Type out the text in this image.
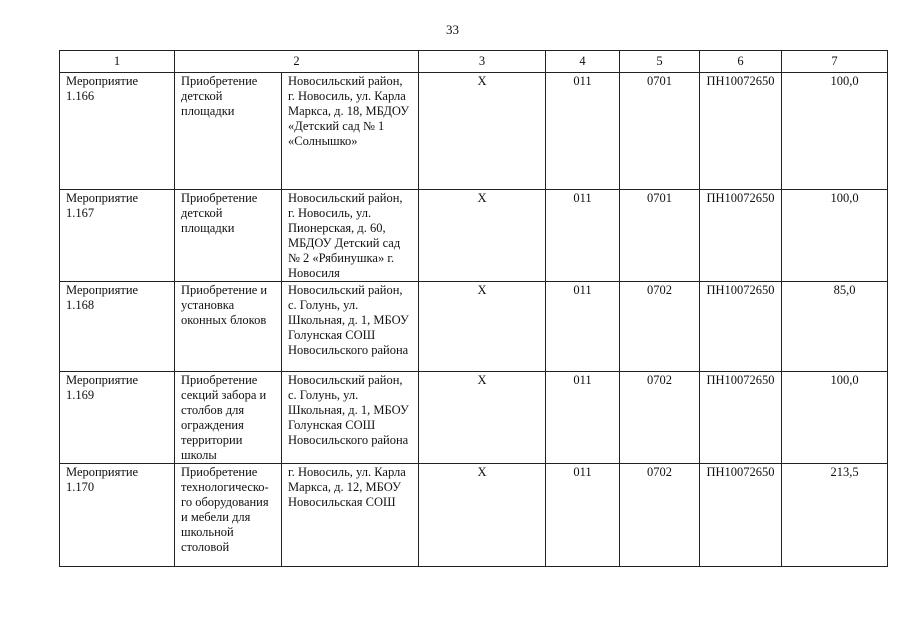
33
1	2		3	4	5	6	7
Мероприятие 1.166	Приобретение детской площадки	Новосильский район, г. Новосиль, ул. Карла Маркса, д. 18, МБДОУ «Детский сад № 1 «Солнышко»	Х	011	0701	ПН10072650	100,0

Мероприятие 1.167	Приобретение детской площадки	Новосильский район, г. Новосиль, ул. Пионерская, д. 60, МБДОУ Детский сад № 2 «Рябинушка» г. Новосиля	Х	011	0701	ПН10072650	100,0

Мероприятие 1.168	Приобретение и установка оконных блоков	Новосильский район, с. Голунь, ул. Школьная, д. 1, МБОУ Голунская СОШ Новосильского района	Х	011	0702	ПН10072650	85,0

Мероприятие 1.169	Приобретение секций забора и столбов для ограждения территории школы	Новосильский район, с. Голунь, ул. Школьная, д. 1, МБОУ Голунская СОШ Новосильского района	Х	011	0702	ПН10072650	100,0

Мероприятие 1.170	Приобретение технологическо-го оборудования и мебели для школьной столовой	г. Новосиль, ул. Карла Маркса, д. 12, МБОУ Новосильская СОШ	Х	011	0702	ПН10072650	213,5
